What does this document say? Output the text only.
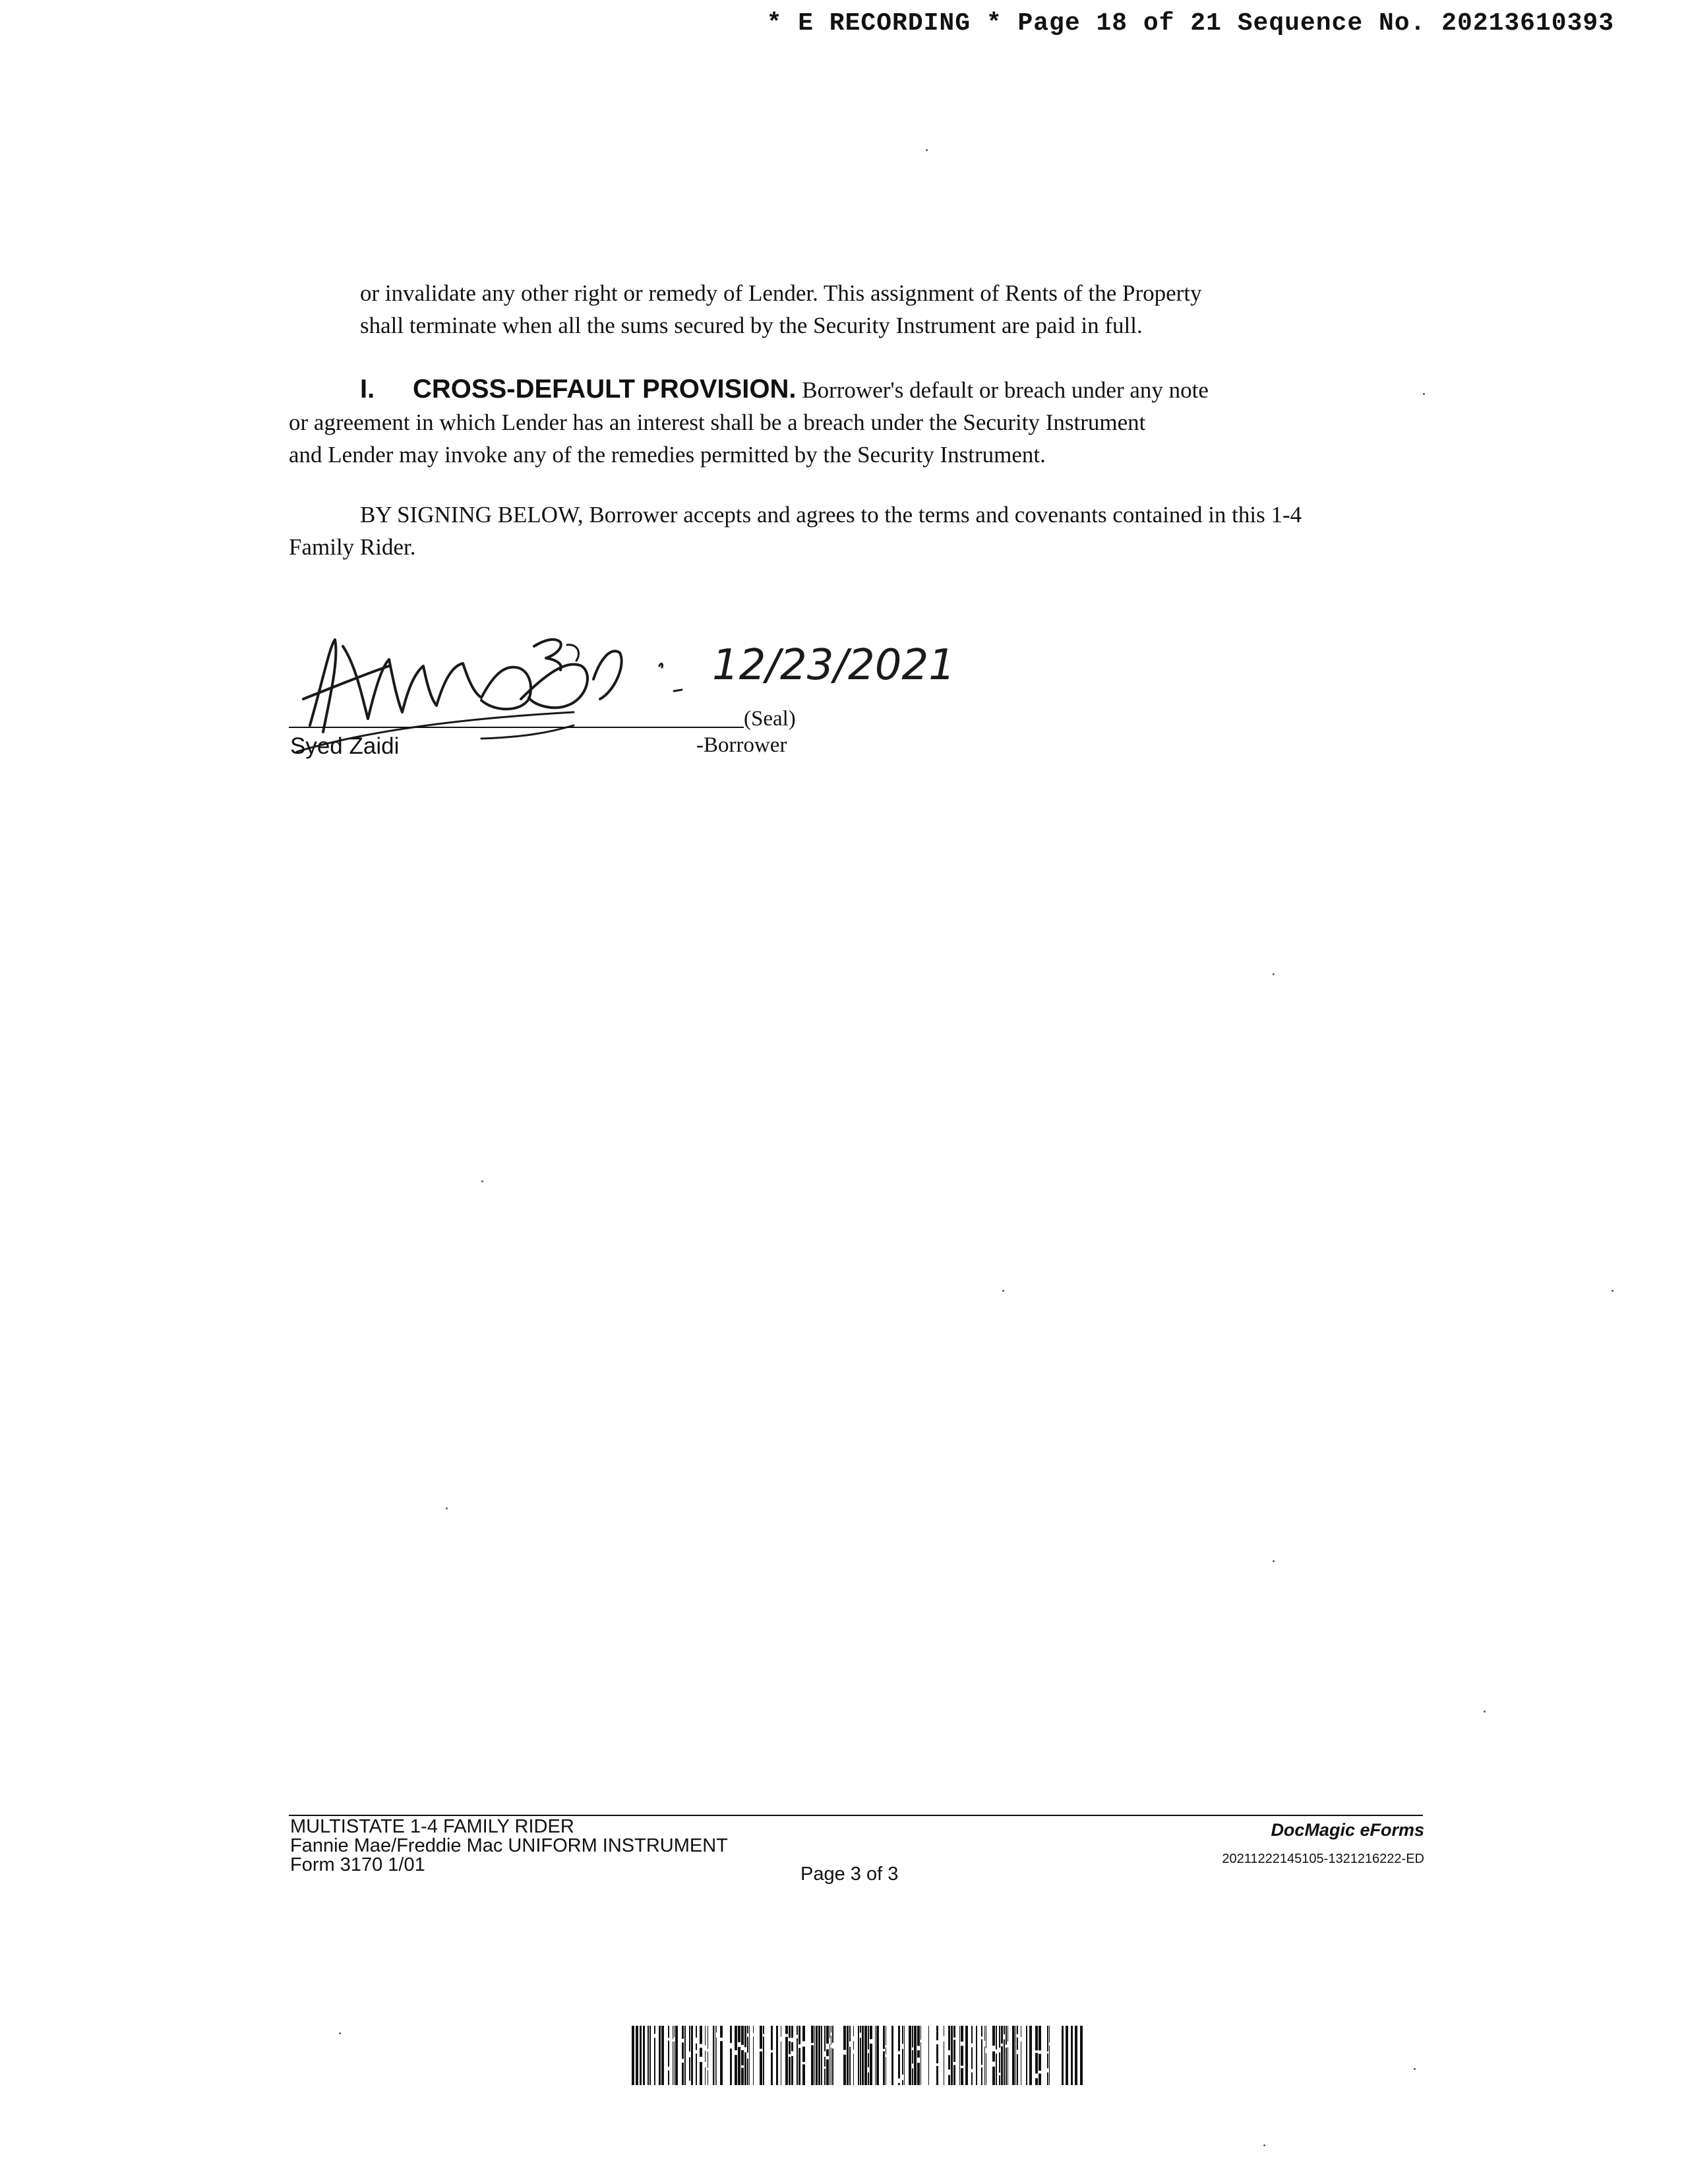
* E RECORDING * Page 18 of 21 Sequence No. 20213610393
or invalidate any other right or remedy of Lender. This assignment of Rents of the Property
shall terminate when all the sums secured by the Security Instrument are paid in full.
I. CROSS-DEFAULT PROVISION. Borrower's default or breach under any note
or agreement in which Lender has an interest shall be a breach under the Security Instrument
and Lender may invoke any of the remedies permitted by the Security Instrument.
BY SIGNING BELOW, Borrower accepts and agrees to the terms and covenants contained in this 1-4
Family Rider.
12/23/2021
(Seal)
Syed Zaidi	-Borrower
MULTISTATE 1-4 FAMILY RIDER
Fannie Mae/Freddie Mac UNIFORM INSTRUMENT
Form 3170 1/01	Page 3 of 3
DocMagic eForms
20211222145105-1321216222-ED
